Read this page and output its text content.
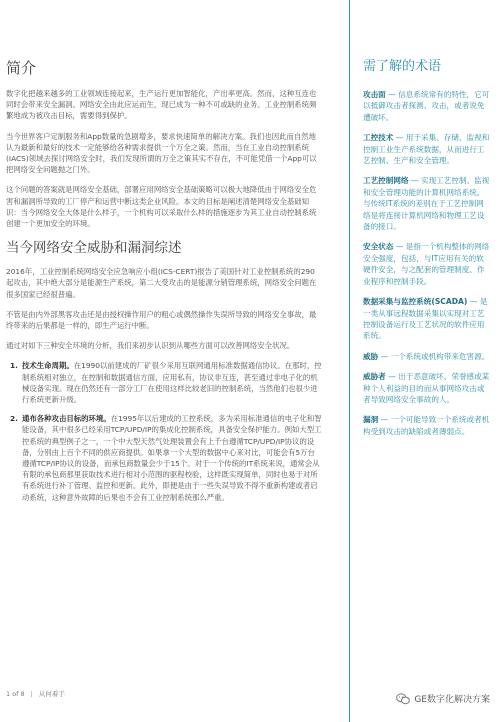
简介

数字化把越来越多的工业领域连接起来，生产运行更加智能化，产出率更高。然而，这种互连也同时会带来安全漏洞。网络安全由此应运而生，现已成为一种不可或缺的业务。工业控制系统频繁地成为被攻击目标，需要得到保护。

当今世界客户定制服务和App数量的急剧增多，要求快速简单的解决方案。我们也因此而自然地认为最新和最好的技术一定能够给各种需求提供一个万全之策。然而，当在工业自动控制系统(IACS)领域去探讨网络安全时，我们发现所谓的万全之策其实不存在，不可能凭借一个App可以把网络安全问题抛之门外。

这个问题的答案就是网络安全基础，部署应用网络安全基础策略可以极大地降低由于网络安全危害和漏洞所导致的工厂停产和运营中断这类企业风险。本文的目标是阐述清楚网络安全基础知识：当今网络安全大体是什么样子，一个机构可以采取什么样的措施逐步为其工业自动控制系统创建一个更加安全的环境。

当今网络安全威胁和漏洞综述

2016年，工业控制系统网络安全应急响应小组(ICS-CERT)报告了美国针对工业控制系统的290起攻击，其中绝大部分是能源生产系统，第二大受攻击的是能源分销管理系统，网络安全问题在很多国家已经很普遍。

不管是由内外部黑客攻击还是由授权操作用户的粗心或偶然操作失误所导致的网络安全事故，最终带来的后果都是一样的，即生产运行中断。

通过对如下三种安全环境的分析，我们来初步认识到从哪些方面可以改善网络安全状况。

1. 技术生命周期。在1990以前建成的厂矿很少采用互联网通用标准数据通信协议。在那时，控制系统相对独立，在控制和数据通信方面，应用私有，协议非互连，甚至通过非电子化的机械设备实现。现在仍然还有一部分工厂在使用这样比较老旧的控制系统，当然他们也很少进行系统更新升级。
2. 通布各种攻击目标的环境。在1995年以后建成的工控系统，多为采用标准通信的电子化和智能设备，其中很多已经采用TCP/UPD/IP的集成化控制系统，具备安全保护能力。例如大型工控系统的典型例子之一，一个中大型天然气处理装置会有上千台遵循TCP/UPD/IP协议的设备，分别由上百个不同的供应商提供。如果拿一个大型的数据中心来对比，可能会有5万台遵循TCP/IP协议的设备，而承包商数量会少于15个。对于一个传统的IT系统来说，通常会从有限的承包商那里获取技术进行相对小范围的驱程校验，这样既实现简单，同时也易于对所有系统进行补丁管理、监控和更新。此外，即便是由于一些失误导致不得不重新构建或者启动系统，这种意外故障的后果也不会有工业控制系统那么严重。
需了解的术语

攻击面 — 信息系统常有的特性，它可以抵御攻击者探测、攻击，或者说免遭破坏。

工控技术 — 用于采集、存储、监视和控制工业生产系统数据，从而进行工艺控制、生产和安全管理。

工艺控制网络 — 实现工艺控制、监视和安全管理功能的计算机网络系统，与传统IT系统的差别在于工艺控制网络是将连接计算机网络和物理工艺设备的接口。

安全状态 — 是指一个机构整体的网络安全强度，包括，与IT应用有关的软硬件安全，与之配套的管理制度、作业程序和控制手段。

数据采集与监控系统(SCADA) — 是一类从事远程数据采集以实现对工艺控制设备运行及工艺状况的软件应用系统。

威胁 — 一个系统或机构带来危害源。

威胁者 — 出于恶意破坏、荣誉感或某种个人利益的目的而从事网络攻击或者导致网络安全事故的人。

漏洞 — 一个可能导致一个系统或者机构受到攻击的缺陷或者薄弱点。

1 of 8 | 从何着手
GE数字化解决方案
